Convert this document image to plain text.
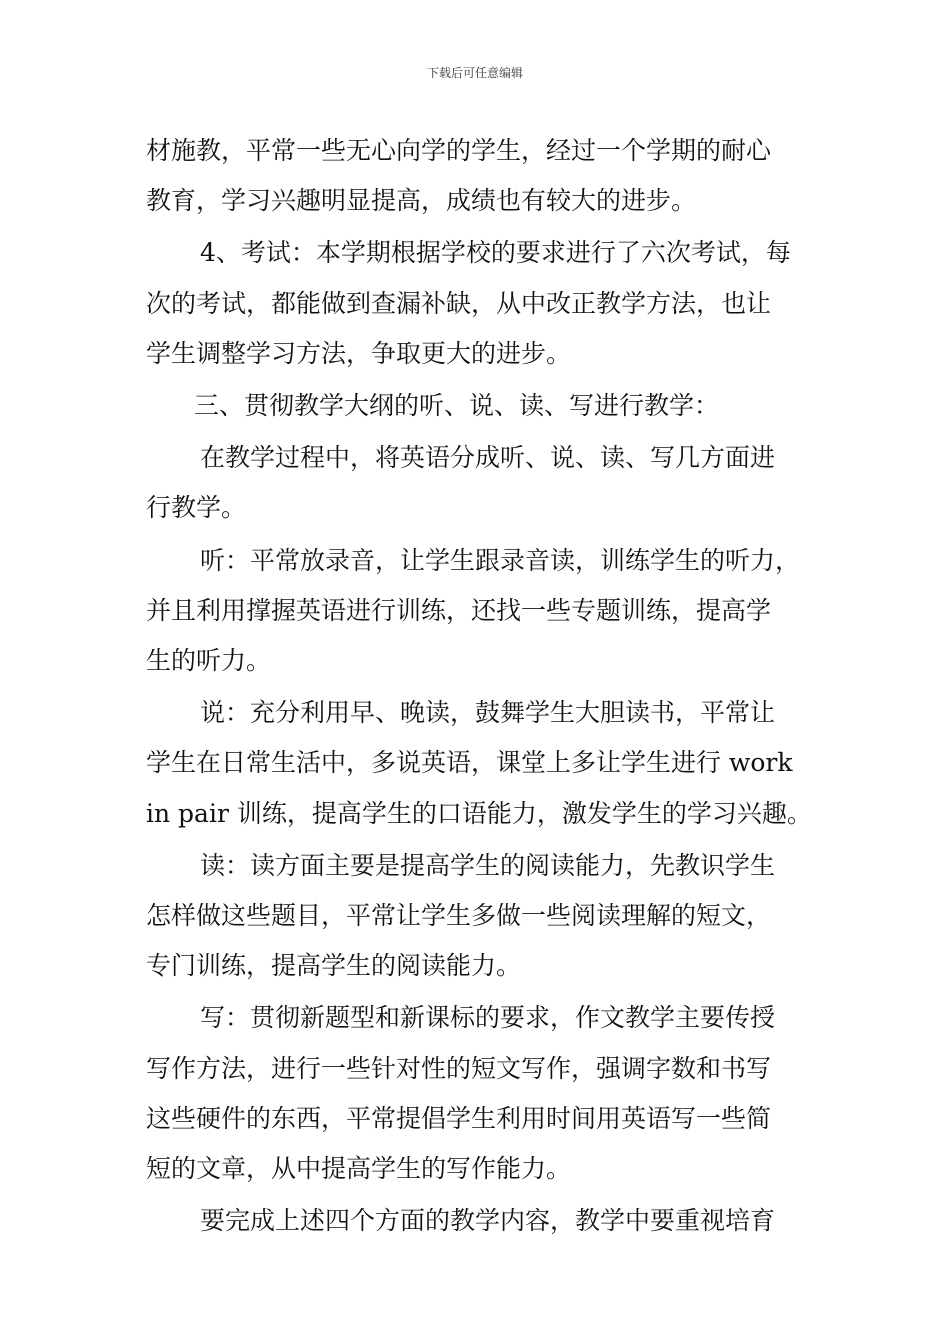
下载后可任意编辑

材施教，平常一些无心向学的学生，经过一个学期的耐心
教育，学习兴趣明显提高，成绩也有较大的进步。

4、考试：本学期根据学校的要求进行了六次考试，每
次的考试，都能做到查漏补缺，从中改正教学方法，也让
学生调整学习方法，争取更大的进步。

三、贯彻教学大纲的听、说、读、写进行教学：

在教学过程中，将英语分成听、说、读、写几方面进
行教学。

听：平常放录音，让学生跟录音读，训练学生的听力，
并且利用撑握英语进行训练，还找一些专题训练，提高学
生的听力。

说：充分利用早、晚读，鼓舞学生大胆读书，平常让
学生在日常生活中，多说英语，课堂上多让学生进行 work
in pair 训练，提高学生的口语能力，激发学生的学习兴趣。

读：读方面主要是提高学生的阅读能力，先教识学生
怎样做这些题目，平常让学生多做一些阅读理解的短文，
专门训练，提高学生的阅读能力。

写：贯彻新题型和新课标的要求，作文教学主要传授
写作方法，进行一些针对性的短文写作，强调字数和书写
这些硬件的东西，平常提倡学生利用时间用英语写一些简
短的文章，从中提高学生的写作能力。

要完成上述四个方面的教学内容，教学中要重视培育
